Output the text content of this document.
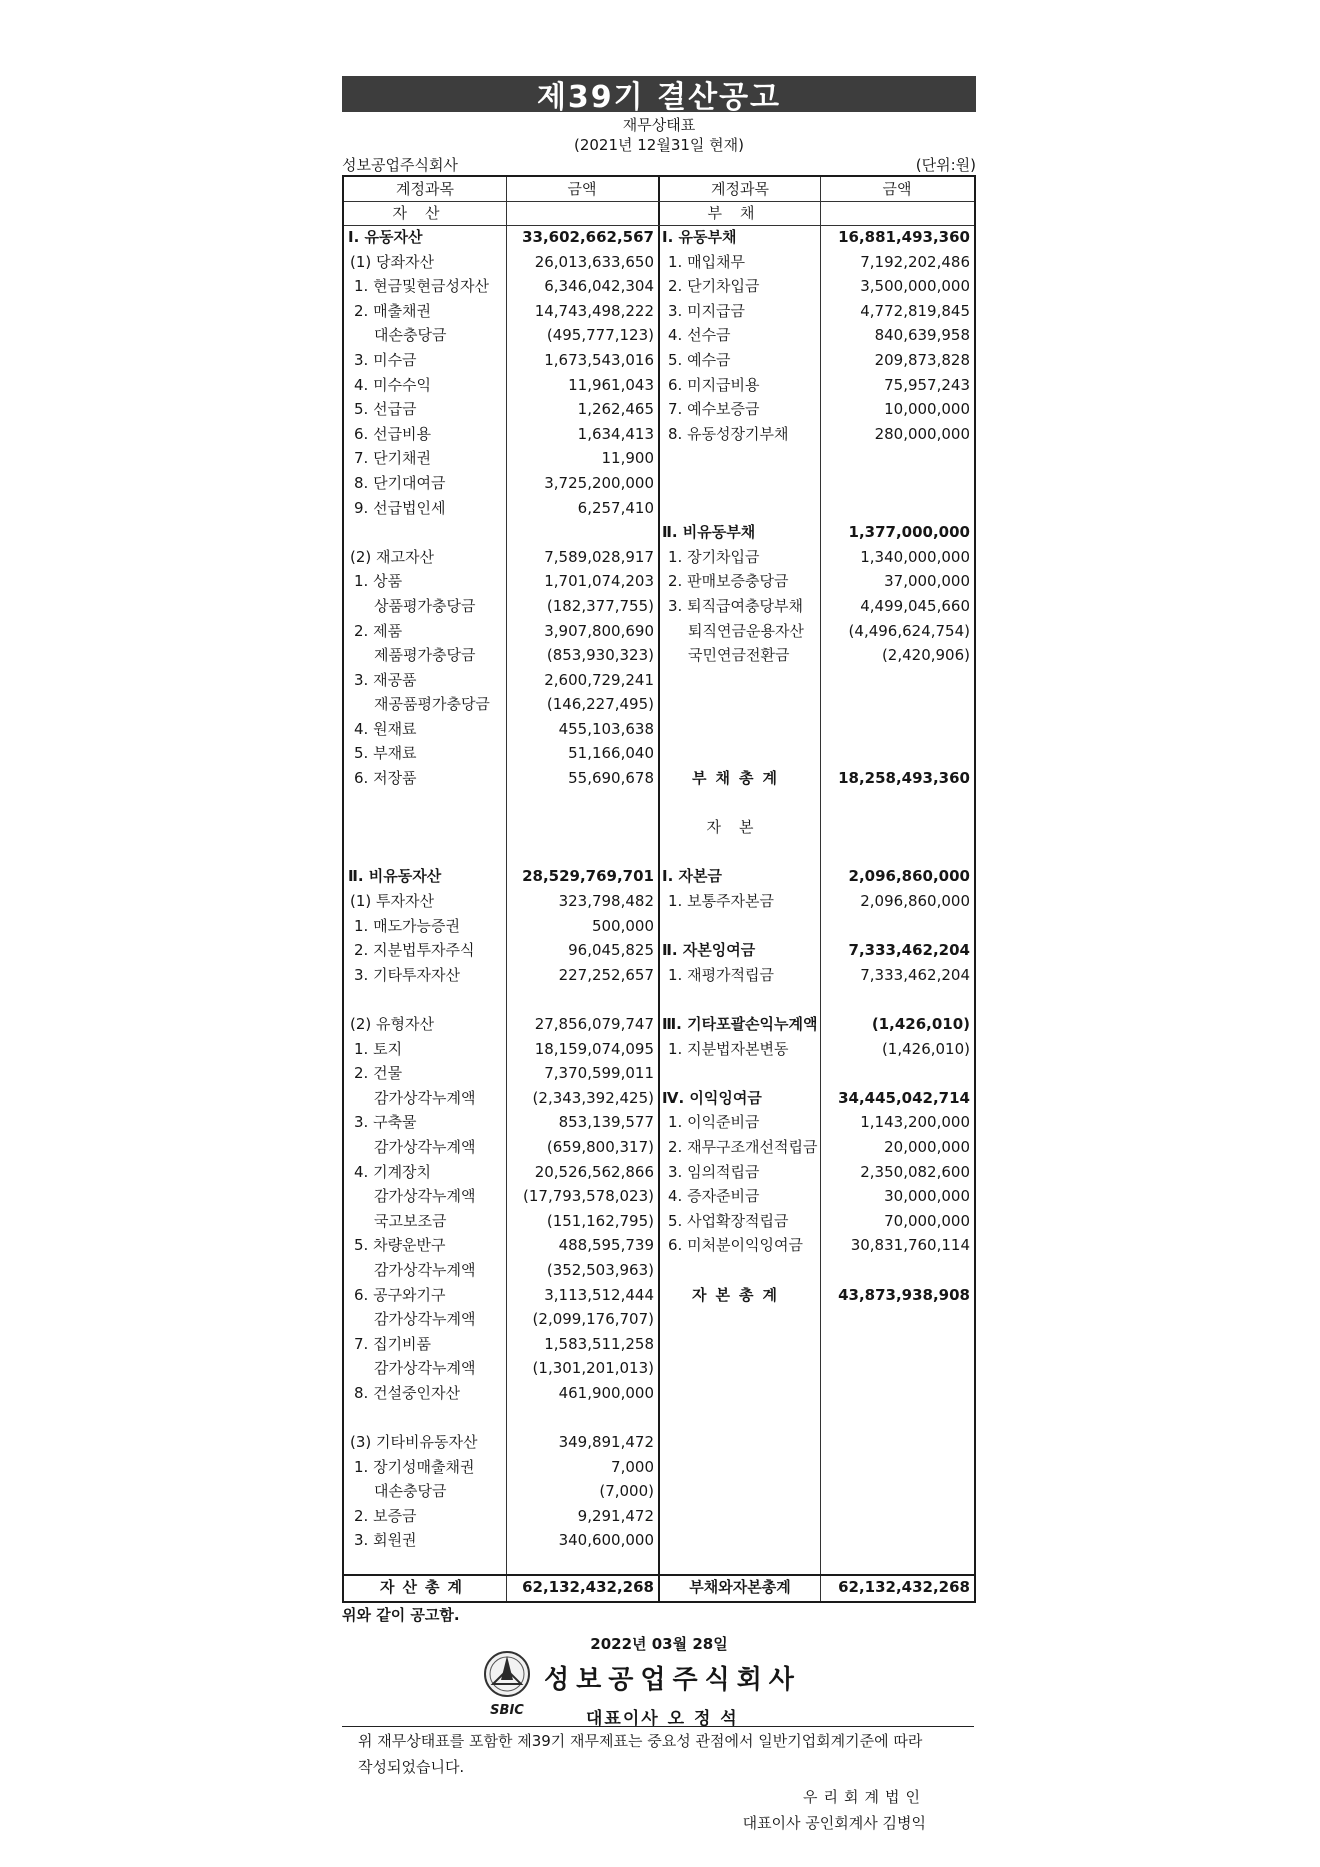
제39기 결산공고
재무상태표
(2021년 12월31일 현재)
성보공업주식회사	(단위:원)
계정과목	금액	계정과목	금액
자산	부채
Ⅰ. 유동자산	33,602,662,567 Ⅰ. 유동부채	16,881,493,360
(1) 당좌자산	26,013,633,650 1. 매입채무	7,192,202,486
1. 현금및현금성자산	6,346,042,304 2. 단기차입금	3,500,000,000
2. 매출채권	14,743,498,222 3. 미지급금	4,772,819,845
대손충당금	(495,777,123) 4. 선수금	840,639,958
3. 미수금	1,673,543,016 5. 예수금	209,873,828
4. 미수수익	11,961,043 6. 미지급비용	75,957,243
5. 선급금	1,262,465 7. 예수보증금	10,000,000
6. 선급비용	1,634,413 8. 유동성장기부채	280,000,000
7. 단기채권	11,900
8. 단기대여금	3,725,200,000
9. 선급법인세	6,257,410
Ⅱ. 비유동부채	1,377,000,000
(2) 재고자산	7,589,028,917 1. 장기차입금	1,340,000,000
1. 상품	1,701,074,203 2. 판매보증충당금	37,000,000
상품평가충당금	(182,377,755) 3. 퇴직급여충당부채	4,499,045,660
2. 제품	3,907,800,690	퇴직연금운용자산	(4,496,624,754)
제품평가충당금	(853,930,323)	국민연금전환금	(2,420,906)
3. 재공품	2,600,729,241
재공품평가충당금	(146,227,495)
4. 원재료	455,103,638
5. 부재료	51,166,040
6. 저장품	55,690,678	부채총계	18,258,493,360
자본
Ⅱ. 비유동자산	28,529,769,701 Ⅰ. 자본금	2,096,860,000
(1) 투자자산	323,798,482 1. 보통주자본금	2,096,860,000
1. 매도가능증권	500,000
2. 지분법투자주식	96,045,825 Ⅱ. 자본잉여금	7,333,462,204
3. 기타투자자산	227,252,657 1. 재평가적립금	7,333,462,204
(2) 유형자산	27,856,079,747 Ⅲ. 기타포괄손익누계액	(1,426,010)
1. 토지	18,159,074,095 1. 지분법자본변동	(1,426,010)
2. 건물	7,370,599,011
감가상각누계액	(2,343,392,425) Ⅳ. 이익잉여금	34,445,042,714
3. 구축물	853,139,577 1. 이익준비금	1,143,200,000
감가상각누계액	(659,800,317) 2. 재무구조개선적립금	20,000,000
4. 기계장치	20,526,562,866 3. 임의적립금	2,350,082,600
감가상각누계액	(17,793,578,023) 4. 증자준비금	30,000,000
국고보조금	(151,162,795) 5. 사업확장적립금	70,000,000
5. 차량운반구	488,595,739 6. 미처분이익잉여금	30,831,760,114
감가상각누계액	(352,503,963)
6. 공구와기구	3,113,512,444	자본총계	43,873,938,908
감가상각누계액	(2,099,176,707)
7. 집기비품	1,583,511,258
감가상각누계액	(1,301,201,013)
8. 건설중인자산	461,900,000
(3) 기타비유동자산	349,891,472
1. 장기성매출채권	7,000
대손충당금	(7,000)
2. 보증금	9,291,472
3. 회원권	340,600,000
자산총계	62,132,432,268	부채와자본총계	62,132,432,268
위와 같이 공고함.
2022년 03월 28일
SBIC
성보공업주식회사
대표이사 오 정 석
위 재무상태표를 포함한 제39기 재무제표는 중요성 관점에서 일반기업회계기준에 따라
작성되었습니다.
우리회계법인
대표이사 공인회계사 김병익
